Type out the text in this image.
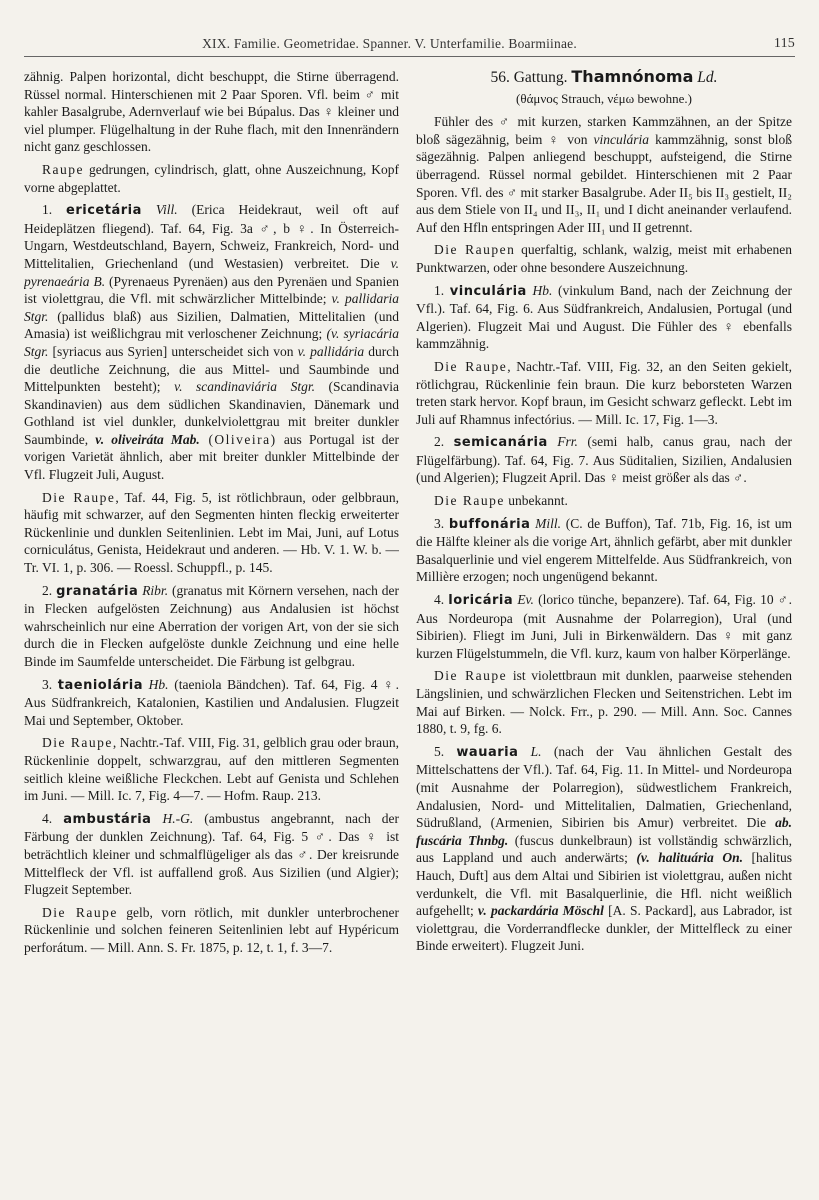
XIX. Familie. Geometridae. Spanner. V. Unterfamilie. Boarmiinae.	115

zähnig. Palpen horizontal, dicht beschuppt, die Stirne überragend. Rüssel normal. Hinterschienen mit 2 Paar Sporen. Vfl. beim ♂ mit kahler Basalgrube, Adernverlauf wie bei Búpalus. Das ♀ kleiner und viel plumper. Flügelhaltung in der Ruhe flach, mit den Innenrändern nicht ganz geschlossen.

Raupe gedrungen, cylindrisch, glatt, ohne Auszeichnung, Kopf vorne abgeplattet.

1. ericetária Vill. (Erica Heidekraut, weil oft auf Heideplätzen fliegend). Taf. 64, Fig. 3a ♂, b ♀. In Österreich-Ungarn, Westdeutschland, Bayern, Schweiz, Frankreich, Nord- und Mittelitalien, Griechenland (und Westasien) verbreitet. Die v. pyrenaeária B. (Pyrenaeus Pyrenäen) aus den Pyrenäen und Spanien ist violettgrau, die Vfl. mit schwärzlicher Mittelbinde; v. pallidaria Stgr. (pallidus blaß) aus Sizilien, Dalmatien, Mittelitalien (und Amasia) ist weißlichgrau mit verloschener Zeichnung; (v. syriacária Stgr. [syriacus aus Syrien] unterscheidet sich von v. pallidária durch die deutliche Zeichnung, die aus Mittel- und Saumbinde und Mittelpunkten besteht); v. scandinaviária Stgr. (Scandinavia Skandinavien) aus dem südlichen Skandinavien, Dänemark und Gothland ist viel dunkler, dunkelviolettgrau mit breiter dunkler Saumbinde, v. oliveiráta Mab. (Oliveira) aus Portugal ist der vorigen Varietät ähnlich, aber mit breiter dunkler Mittelbinde der Vfl. Flugzeit Juli, August.

Die Raupe, Taf. 44, Fig. 5, ist rötlichbraun, oder gelbbraun, häufig mit schwarzer, auf den Segmenten hinten fleckig erweiterter Rückenlinie und dunklen Seitenlinien. Lebt im Mai, Juni, auf Lotus corniculátus, Genista, Heidekraut und anderen. — Hb. V. 1. W. b. — Tr. VI. 1, p. 306. — Roessl. Schuppfl., p. 145.

2. granatária Ribr. (granatus mit Körnern versehen, nach der in Flecken aufgelösten Zeichnung) aus Andalusien ist höchst wahrscheinlich nur eine Aberration der vorigen Art, von der sie sich durch die in Flecken aufgelöste dunkle Zeichnung und eine helle Binde im Saumfelde unterscheidet. Die Färbung ist gelbgrau.

3. taenioIária Hb. (taeniola Bändchen). Taf. 64, Fig. 4 ♀. Aus Südfrankreich, Katalonien, Kastilien und Andalusien. Flugzeit Mai und September, Oktober.

Die Raupe, Nachtr.-Taf. VIII, Fig. 31, gelblich grau oder braun, Rückenlinie doppelt, schwarzgrau, auf den mittleren Segmenten seitlich kleine weißliche Fleckchen. Lebt auf Genista und Schlehen im Juni. — Mill. Ic. 7, Fig. 4—7. — Hofm. Raup. 213.

4. ambustária H.-G. (ambustus angebrannt, nach der Färbung der dunklen Zeichnung). Taf. 64, Fig. 5 ♂. Das ♀ ist beträchtlich kleiner und schmalflügeliger als das ♂. Der kreisrunde Mittelfleck der Vfl. ist auffallend groß. Aus Sizilien (und Algier); Flugzeit September.

Die Raupe gelb, vorn rötlich, mit dunkler unterbrochener Rückenlinie und solchen feineren Seitenlinien lebt auf Hypéricum perforátum. — Mill. Ann. S. Fr. 1875, p. 12, t. 1, f. 3—7.

56. Gattung. Thamnónoma Ld.

(θάμνος Strauch, νέμω bewohne.)

Fühler des ♂ mit kurzen, starken Kammzähnen, an der Spitze bloß sägezähnig, beim ♀ von vinculária kammzähnig, sonst bloß sägezähnig. Palpen anliegend beschuppt, aufsteigend, die Stirne überragend. Rüssel normal gebildet. Hinterschienen mit 2 Paar Sporen. Vfl. des ♂ mit starker Basalgrube. Ader II₅ bis II₃ gestielt, II₂ aus dem Stiele von II₄ und II₃, II₁ und I dicht aneinander verlaufend. Auf den Hfln entspringen Ader III₁ und II getrennt.

Die Raupen querfaltig, schlank, walzig, meist mit erhabenen Punktwarzen, oder ohne besondere Auszeichnung.

1. vinculária Hb. (vinkulum Band, nach der Zeichnung der Vfl.). Taf. 64, Fig. 6. Aus Südfrankreich, Andalusien, Portugal (und Algerien). Flugzeit Mai und August. Die Fühler des ♀ ebenfalls kammzähnig.

Die Raupe, Nachtr.-Taf. VIII, Fig. 32, an den Seiten gekielt, rötlichgrau, Rückenlinie fein braun. Die kurz beborsteten Warzen treten stark hervor. Kopf braun, im Gesicht schwarz gefleckt. Lebt im Juli auf Rhamnus infectórius. — Mill. Ic. 17, Fig. 1—3.

2. semicanária Frr. (semi halb, canus grau, nach der Flügelfärbung). Taf. 64, Fig. 7. Aus Süditalien, Sizilien, Andalusien (und Algerien); Flugzeit April. Das ♀ meist größer als das ♂.

Die Raupe unbekannt.

3. buffonária Mill. (C. de Buffon), Taf. 71b, Fig. 16, ist um die Hälfte kleiner als die vorige Art, ähnlich gefärbt, aber mit dunkler Basalquerlinie und viel engerem Mittelfelde. Aus Südfrankreich, von Millière erzogen; noch ungenügend bekannt.

4. loricária Ev. (lorico tünche, bepanzere). Taf. 64, Fig. 10 ♂. Aus Nordeuropa (mit Ausnahme der Polarregion), Ural (und Sibirien). Fliegt im Juni, Juli in Birkenwäldern. Das ♀ mit ganz kurzen Flügelstummeln, die Vfl. kurz, kaum von halber Körperlänge.

Die Raupe ist violettbraun mit dunklen, paarweise stehenden Längslinien, und schwärzlichen Flecken und Seitenstrichen. Lebt im Mai auf Birken. — Nolck. Frr., p. 290. — Mill. Ann. Soc. Cannes 1880, t. 9, fg. 6.

5. wauaria L. (nach der Vau ähnlichen Gestalt des Mittelschattens der Vfl.). Taf. 64, Fig. 11. In Mittel- und Nordeuropa (mit Ausnahme der Polarregion), südwestlichem Frankreich, Andalusien, Nord- und Mittelitalien, Dalmatien, Griechenland, Südrußland, (Armenien, Sibirien bis Amur) verbreitet. Die ab. fuscária Thnbg. (fuscus dunkelbraun) ist vollständig schwärzlich, aus Lappland und auch anderwärts; (v. halituária On. [halitus Hauch, Duft] aus dem Altai und Sibirien ist violettgrau, außen nicht verdunkelt, die Vfl. mit Basalquerlinie, die Hfl. nicht weißlich aufgehellt; v. packardária Möschl [A. S. Packard], aus Labrador, ist violettgrau, die Vorderrandflecke dunkler, der Mittelfleck zu einer Binde erweitert). Flugzeit Juni.
